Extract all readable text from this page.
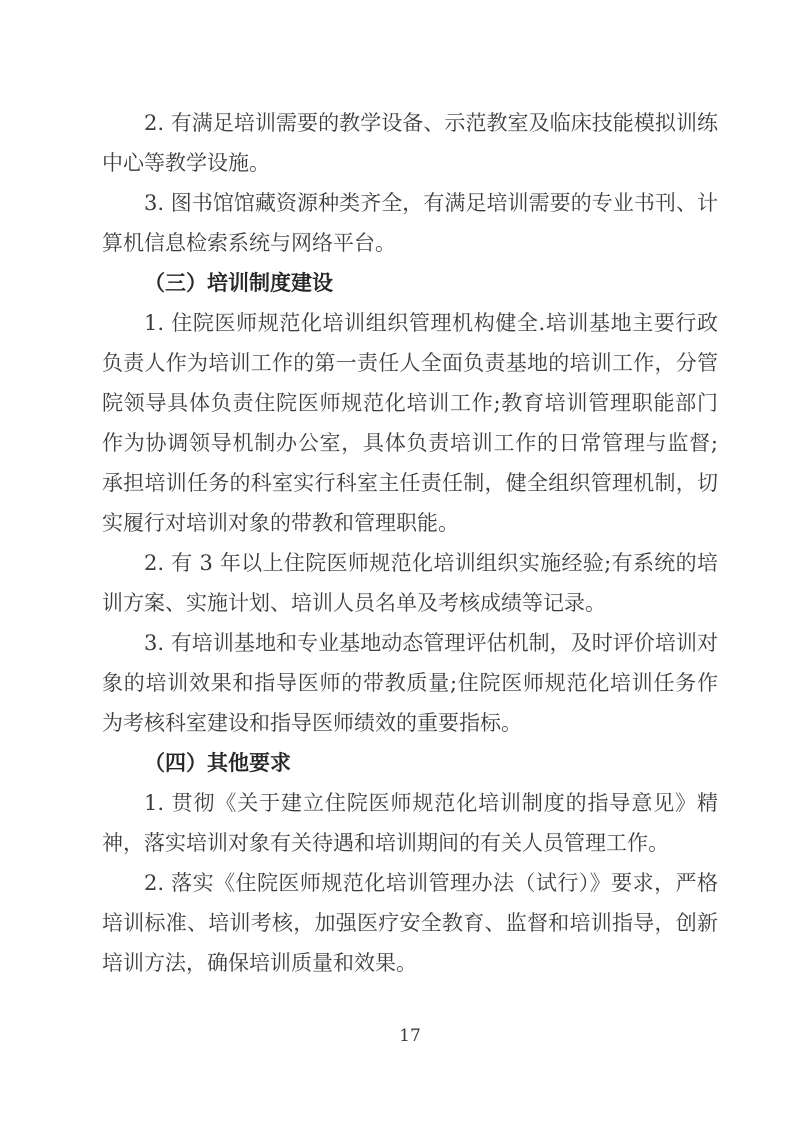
2. 有满足培训需要的教学设备、示范教室及临床技能模拟训练中心等教学设施。

3. 图书馆馆藏资源种类齐全，有满足培训需要的专业书刊、计算机信息检索系统与网络平台。

（三）培训制度建设

1. 住院医师规范化培训组织管理机构健全.培训基地主要行政负责人作为培训工作的第一责任人全面负责基地的培训工作，分管院领导具体负责住院医师规范化培训工作;教育培训管理职能部门作为协调领导机制办公室，具体负责培训工作的日常管理与监督;承担培训任务的科室实行科室主任责任制，健全组织管理机制，切实履行对培训对象的带教和管理职能。

2. 有 3 年以上住院医师规范化培训组织实施经验;有系统的培训方案、实施计划、培训人员名单及考核成绩等记录。

3. 有培训基地和专业基地动态管理评估机制，及时评价培训对象的培训效果和指导医师的带教质量;住院医师规范化培训任务作为考核科室建设和指导医师绩效的重要指标。

（四）其他要求

1. 贯彻《关于建立住院医师规范化培训制度的指导意见》精神，落实培训对象有关待遇和培训期间的有关人员管理工作。

2. 落实《住院医师规范化培训管理办法（试行）》要求，严格培训标准、培训考核，加强医疗安全教育、监督和培训指导，创新培训方法，确保培训质量和效果。

17
